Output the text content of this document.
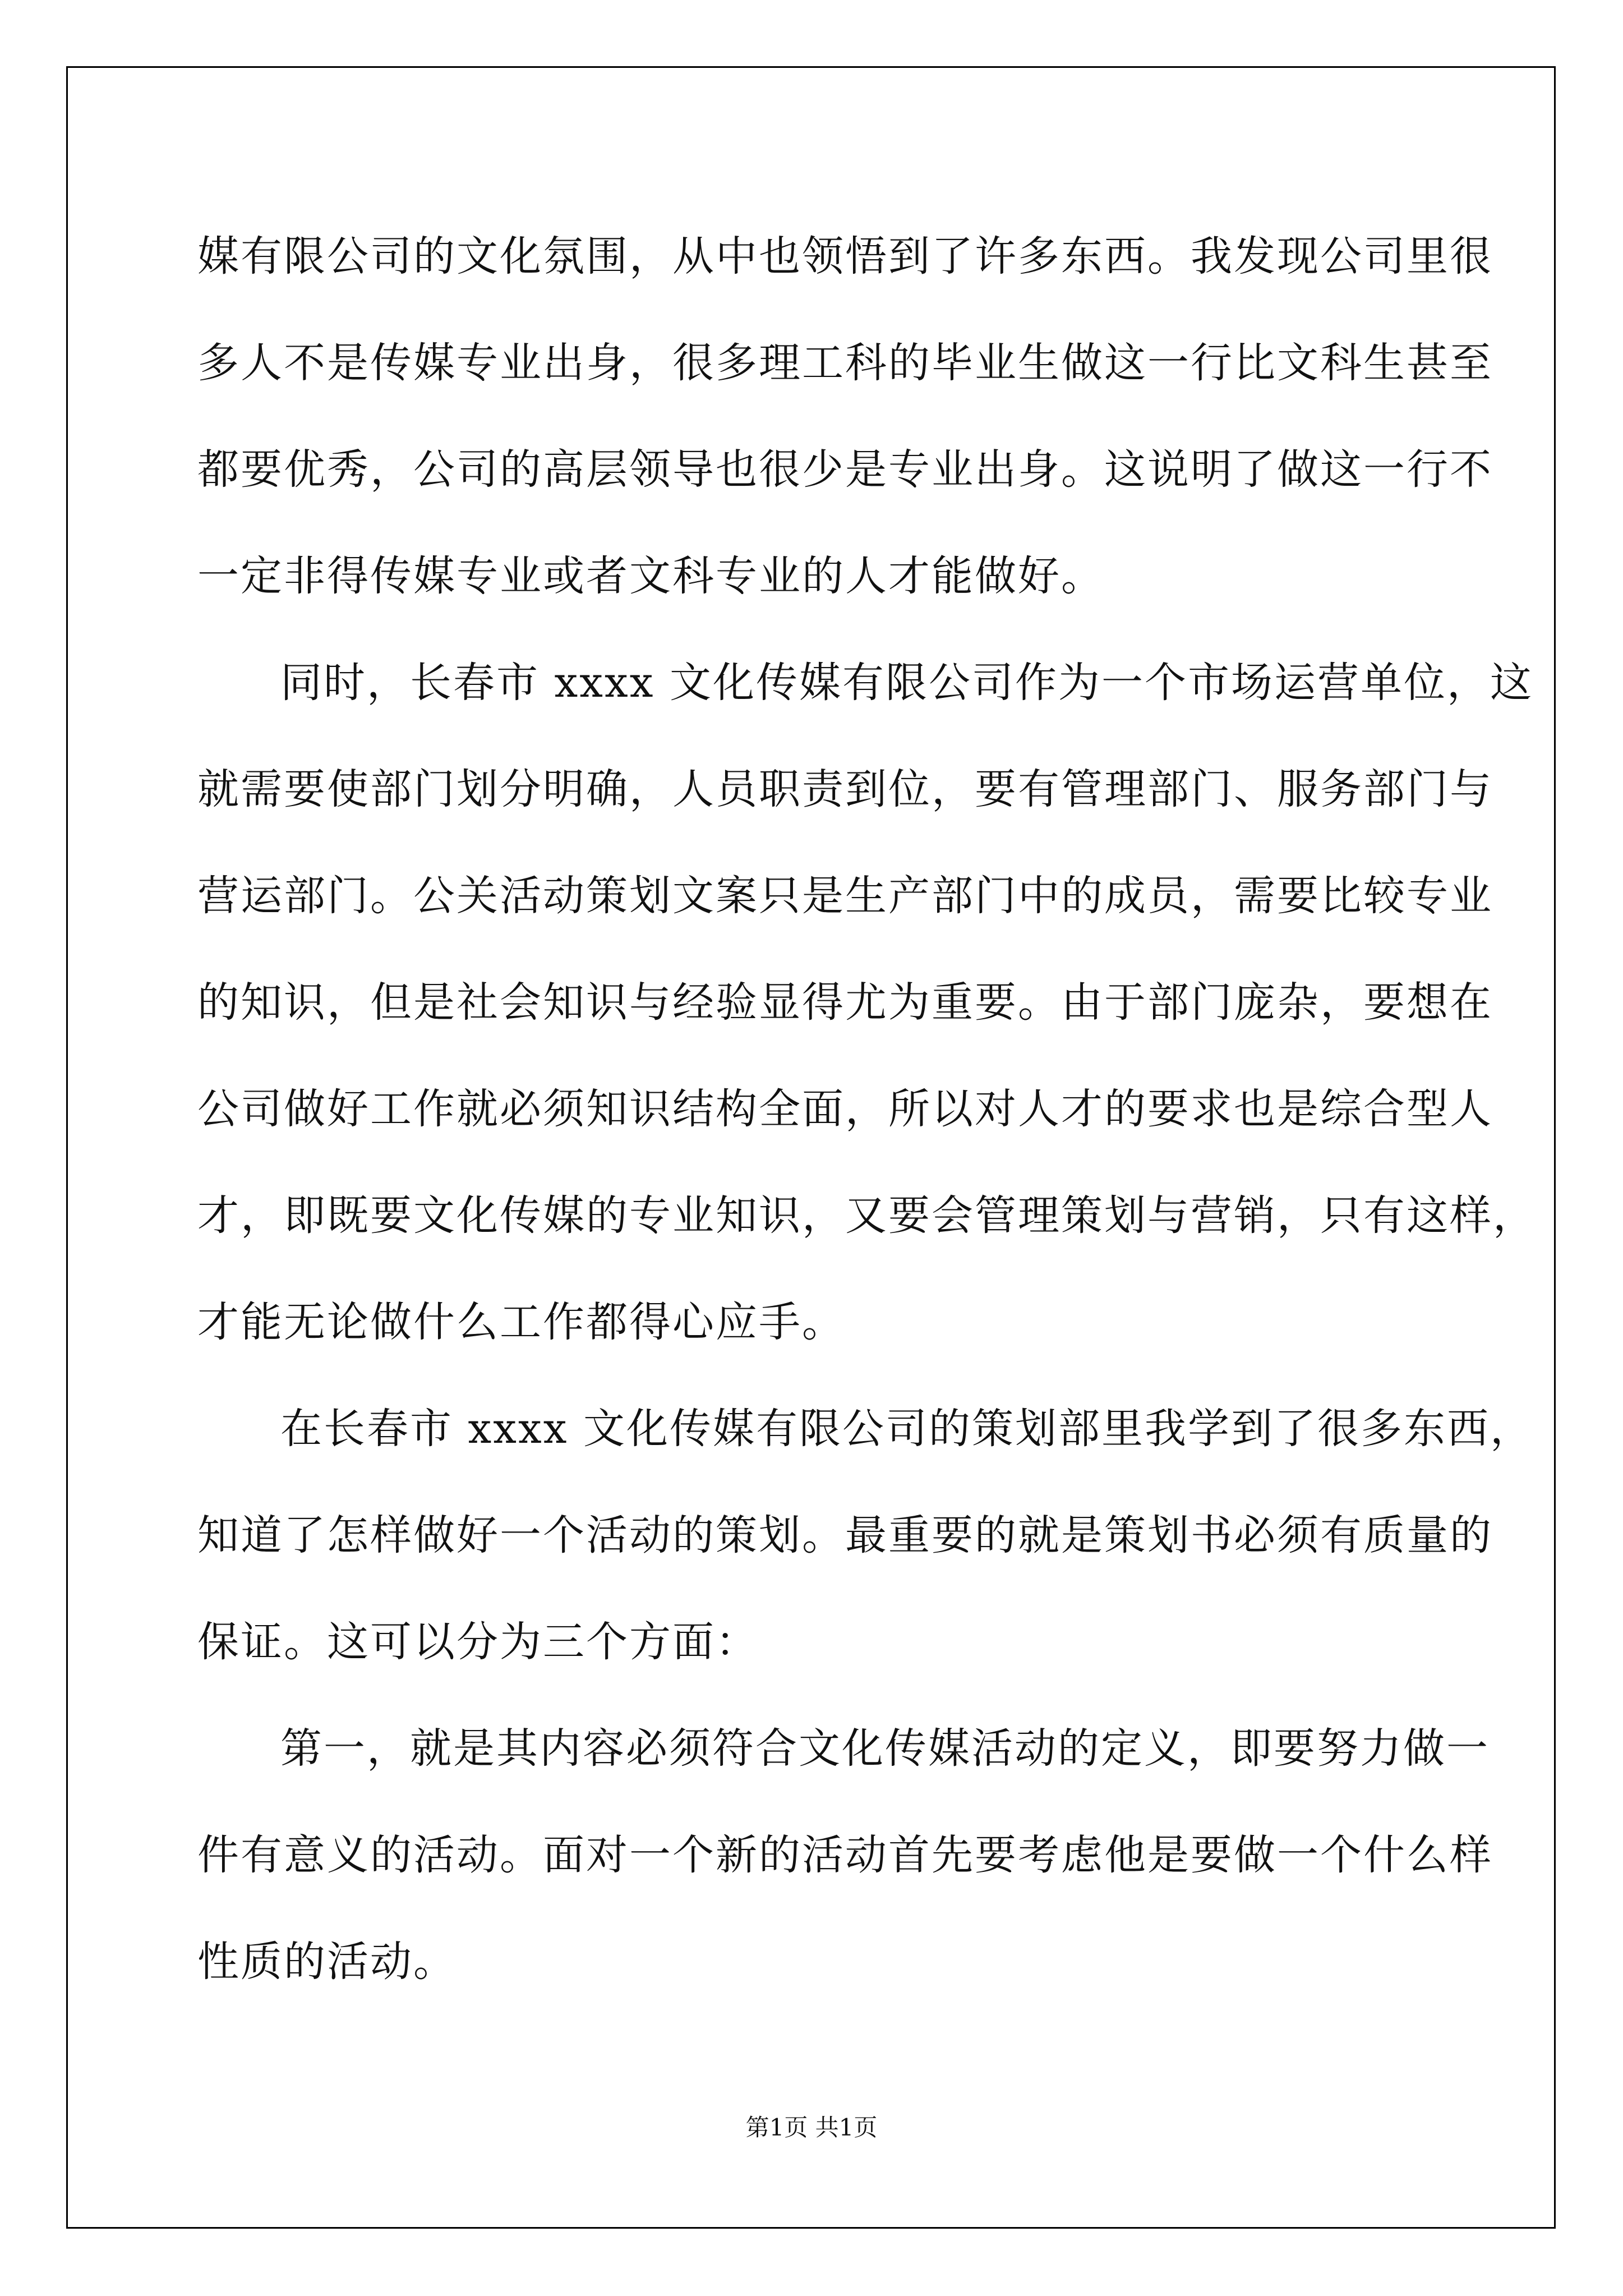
媒有限公司的文化氛围，从中也领悟到了许多东西。我发现公司里很
多人不是传媒专业出身，很多理工科的毕业生做这一行比文科生甚至
都要优秀，公司的高层领导也很少是专业出身。这说明了做这一行不
一定非得传媒专业或者文科专业的人才能做好。
同时，长春市 xxxx 文化传媒有限公司作为一个市场运营单位，这
就需要使部门划分明确，人员职责到位，要有管理部门、服务部门与
营运部门。公关活动策划文案只是生产部门中的成员，需要比较专业
的知识，但是社会知识与经验显得尤为重要。由于部门庞杂，要想在
公司做好工作就必须知识结构全面，所以对人才的要求也是综合型人
才，即既要文化传媒的专业知识，又要会管理策划与营销，只有这样，
才能无论做什么工作都得心应手。
在长春市 xxxx 文化传媒有限公司的策划部里我学到了很多东西，
知道了怎样做好一个活动的策划。最重要的就是策划书必须有质量的
保证。这可以分为三个方面：
第一，就是其内容必须符合文化传媒活动的定义，即要努力做一
件有意义的活动。面对一个新的活动首先要考虑他是要做一个什么样
性质的活动。
第1页 共1页
